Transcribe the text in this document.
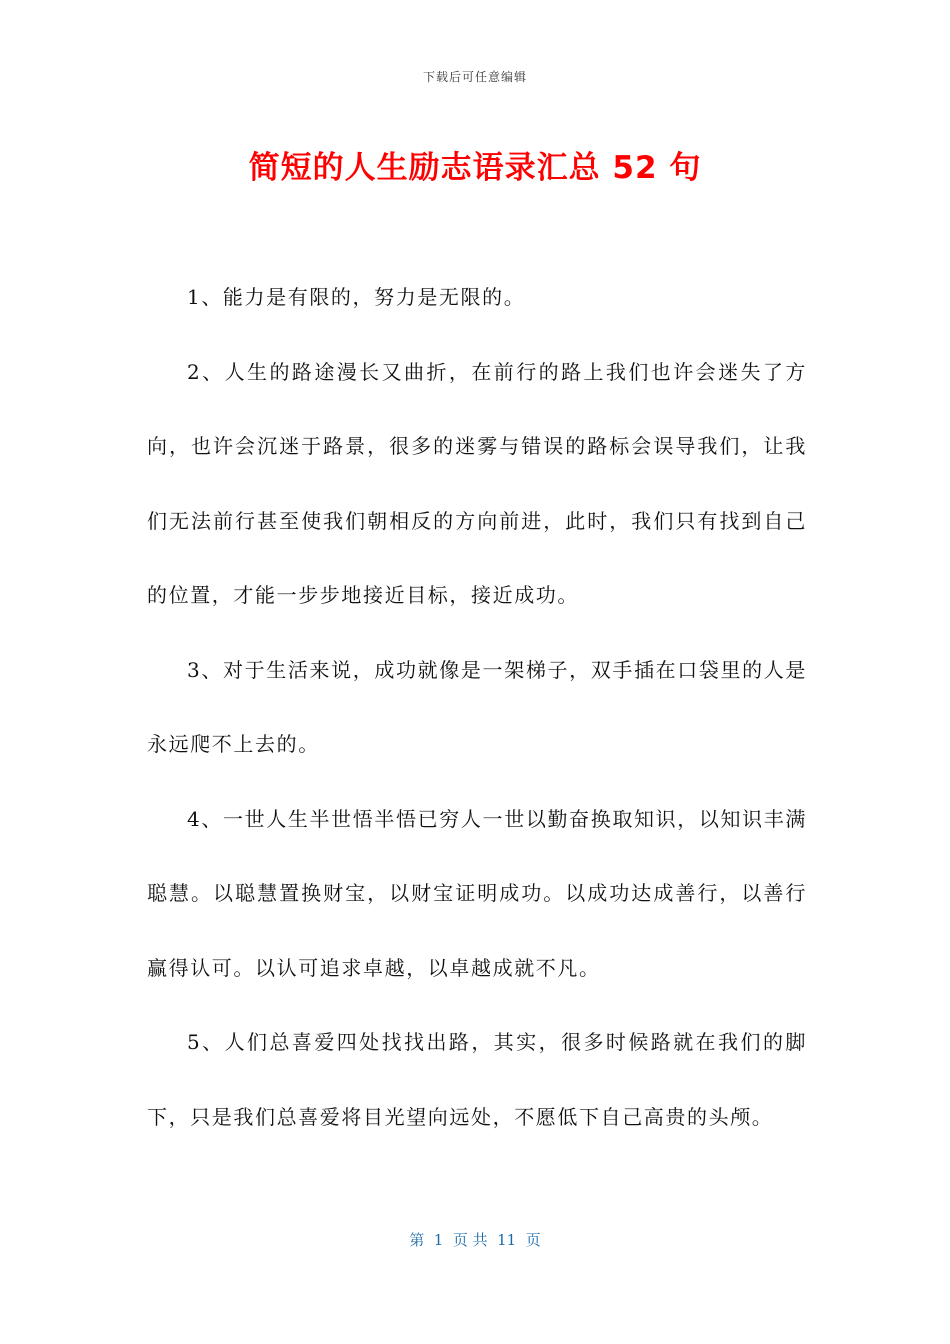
下载后可任意编辑
简短的人生励志语录汇总 52 句

1、能力是有限的，努力是无限的。

2、人生的路途漫长又曲折，在前行的路上我们也许会迷失了方向，也许会沉迷于路景，很多的迷雾与错误的路标会误导我们，让我们无法前行甚至使我们朝相反的方向前进，此时，我们只有找到自己的位置，才能一步步地接近目标，接近成功。

3、对于生活来说，成功就像是一架梯子，双手插在口袋里的人是永远爬不上去的。

4、一世人生半世悟半悟已穷人一世以勤奋换取知识，以知识丰满聪慧。以聪慧置换财宝，以财宝证明成功。以成功达成善行，以善行赢得认可。以认可追求卓越，以卓越成就不凡。

5、人们总喜爱四处找找出路，其实，很多时候路就在我们的脚下，只是我们总喜爱将目光望向远处，不愿低下自己高贵的头颅。

第  1  页 共  11  页
